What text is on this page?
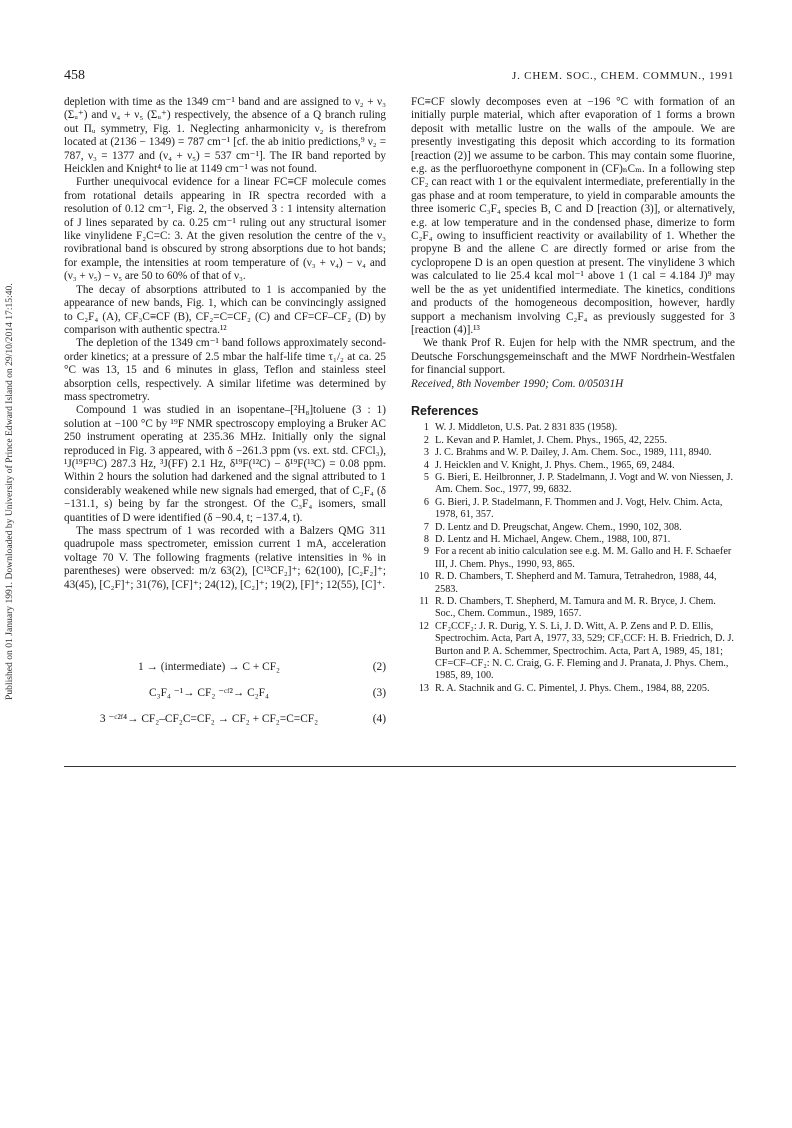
Published on 01 January 1991. Downloaded by University of Prince Edward Island on 29/10/2014 17:15:40.
458	J. CHEM. SOC., CHEM. COMMUN., 1991

depletion with time as the 1349 cm⁻¹ band and are assigned to ν₂ + ν₃ (Σᵤ⁺) and ν₄ + ν₅ (Σᵤ⁺) respectively, the absence of a Q branch ruling out Πᵤ symmetry, Fig. 1. Neglecting anharmonicity ν₂ is therefrom located at (2136 − 1349) = 787 cm⁻¹ [cf. the ab initio predictions,⁹ ν₂ = 787, ν₃ = 1377 and (ν₄ + ν₅) = 537 cm⁻¹]. The IR band reported by Heicklen and Knight⁴ to lie at 1149 cm⁻¹ was not found.

Further unequivocal evidence for a linear FC≡CF molecule comes from rotational details appearing in IR spectra recorded with a resolution of 0.12 cm⁻¹, Fig. 2, the observed 3 : 1 intensity alternation of J lines separated by ca. 0.25 cm⁻¹ ruling out any structural isomer like vinylidene F₂C=C: 3. At the given resolution the centre of the ν₃ rovibrational band is obscured by strong absorptions due to hot bands; for example, the intensities at room temperature of (ν₃ + ν₄) − ν₄ and (ν₃ + ν₅) − ν₅ are 50 to 60% of that of ν₃.

The decay of absorptions attributed to 1 is accompanied by the appearance of new bands, Fig. 1, which can be convincingly assigned to C₂F₄ (A), CF₃C≡CF (B), CF₂=C=CF₂ (C) and CF=CF–CF₂ (D) by comparison with authentic spectra.¹²

The depletion of the 1349 cm⁻¹ band follows approximately second-order kinetics; at a pressure of 2.5 mbar the half-life time τ₁/₂ at ca. 25 °C was 13, 15 and 6 minutes in glass, Teflon and stainless steel absorption cells, respectively. A similar lifetime was determined by mass spectrometry.

Compound 1 was studied in an isopentane–[²H₈]toluene (3 : 1) solution at −100 °C by ¹⁹F NMR spectroscopy employing a Bruker AC 250 instrument operating at 235.36 MHz. Initially only the signal reproduced in Fig. 3 appeared, with δ −261.3 ppm (vs. ext. std. CFCl₃), ¹J(¹⁹F¹³C) 287.3 Hz, ³J(FF) 2.1 Hz, δ¹⁹F(¹²C) − δ¹⁹F(¹³C) = 0.08 ppm. Within 2 hours the solution had darkened and the signal attributed to 1 considerably weakened while new signals had emerged, that of C₂F₄ (δ −131.1, s) being by far the strongest. Of the C₃F₄ isomers, small quantities of D were identified (δ −90.4, t; −137.4, t).

The mass spectrum of 1 was recorded with a Balzers QMG 311 quadrupole mass spectrometer, emission current 1 mA, acceleration voltage 70 V. The following fragments (relative intensities in % in parentheses) were observed: m/z 63(2), [C¹³CF₂]⁺; 62(100), [C₂F₂]⁺; 43(45), [C₂F]⁺; 31(76), [CF]⁺; 24(12), [C₂]⁺; 19(2), [F]⁺; 12(55), [C]⁺.

1 → (intermediate) → C + CF₂	(2)
C₃F₄ ⁻¹→ CF₂ ⁻ᶜᶠ²→ C₂F₄	(3)
3 ⁻ᶜ²ᶠ⁴→ CF₂–CF₂C=CF₂ → CF₂ + CF₂=C=CF₂	(4)

FC≡CF slowly decomposes even at −196 °C with formation of an initially purple material, which after evaporation of 1 forms a brown deposit with metallic lustre on the walls of the ampoule. We are presently investigating this deposit which according to its formation [reaction (2)] we assume to be carbon. This may contain some fluorine, e.g. as the perfluoroethyne component in (CF)ₙCₘ. In a following step CF₂ can react with 1 or the equivalent intermediate, preferentially in the gas phase and at room temperature, to yield in comparable amounts the three isomeric C₃F₄ species B, C and D [reaction (3)], or alternatively, e.g. at low temperature and in the condensed phase, dimerize to form C₂F₄ owing to insufficient reactivity or availability of 1. Whether the propyne B and the allene C are directly formed or arise from the cyclopropene D is an open question at present. The vinylidene 3 which was calculated to lie 25.4 kcal mol⁻¹ above 1 (1 cal = 4.184 J)⁹ may well be the as yet unidentified intermediate. The kinetics, conditions and products of the homogeneous decomposition, however, hardly support a mechanism involving C₂F₄ as previously suggested for 3 [reaction (4)].¹³

We thank Prof R. Eujen for help with the NMR spectrum, and the Deutsche Forschungsgemeinschaft and the MWF Nordrhein-Westfalen for financial support.

Received, 8th November 1990; Com. 0/05031H

References
1 W. J. Middleton, U.S. Pat. 2 831 835 (1958).
2 L. Kevan and P. Hamlet, J. Chem. Phys., 1965, 42, 2255.
3 J. C. Brahms and W. P. Dailey, J. Am. Chem. Soc., 1989, 111, 8940.
4 J. Heicklen and V. Knight, J. Phys. Chem., 1965, 69, 2484.
5 G. Bieri, E. Heilbronner, J. P. Stadelmann, J. Vogt and W. von Niessen, J. Am. Chem. Soc., 1977, 99, 6832.
6 G. Bieri, J. P. Stadelmann, F. Thommen and J. Vogt, Helv. Chim. Acta, 1978, 61, 357.
7 D. Lentz and D. Preugschat, Angew. Chem., 1990, 102, 308.
8 D. Lentz and H. Michael, Angew. Chem., 1988, 100, 871.
9 For a recent ab initio calculation see e.g. M. M. Gallo and H. F. Schaefer III, J. Chem. Phys., 1990, 93, 865.
10 R. D. Chambers, T. Shepherd and M. Tamura, Tetrahedron, 1988, 44, 2583.
11 R. D. Chambers, T. Shepherd, M. Tamura and M. R. Bryce, J. Chem. Soc., Chem. Commun., 1989, 1657.
12 CF₂CCF₂: J. R. Durig, Y. S. Li, J. D. Witt, A. P. Zens and P. D. Ellis, Spectrochim. Acta, Part A, 1977, 33, 529; CF₃CCF: H. B. Friedrich, D. J. Burton and P. A. Schemmer, Spectrochim. Acta, Part A, 1989, 45, 181; CF=CF–CF₂: N. C. Craig, G. F. Fleming and J. Pranata, J. Phys. Chem., 1985, 89, 100.
13 R. A. Stachnik and G. C. Pimentel, J. Phys. Chem., 1984, 88, 2205.
